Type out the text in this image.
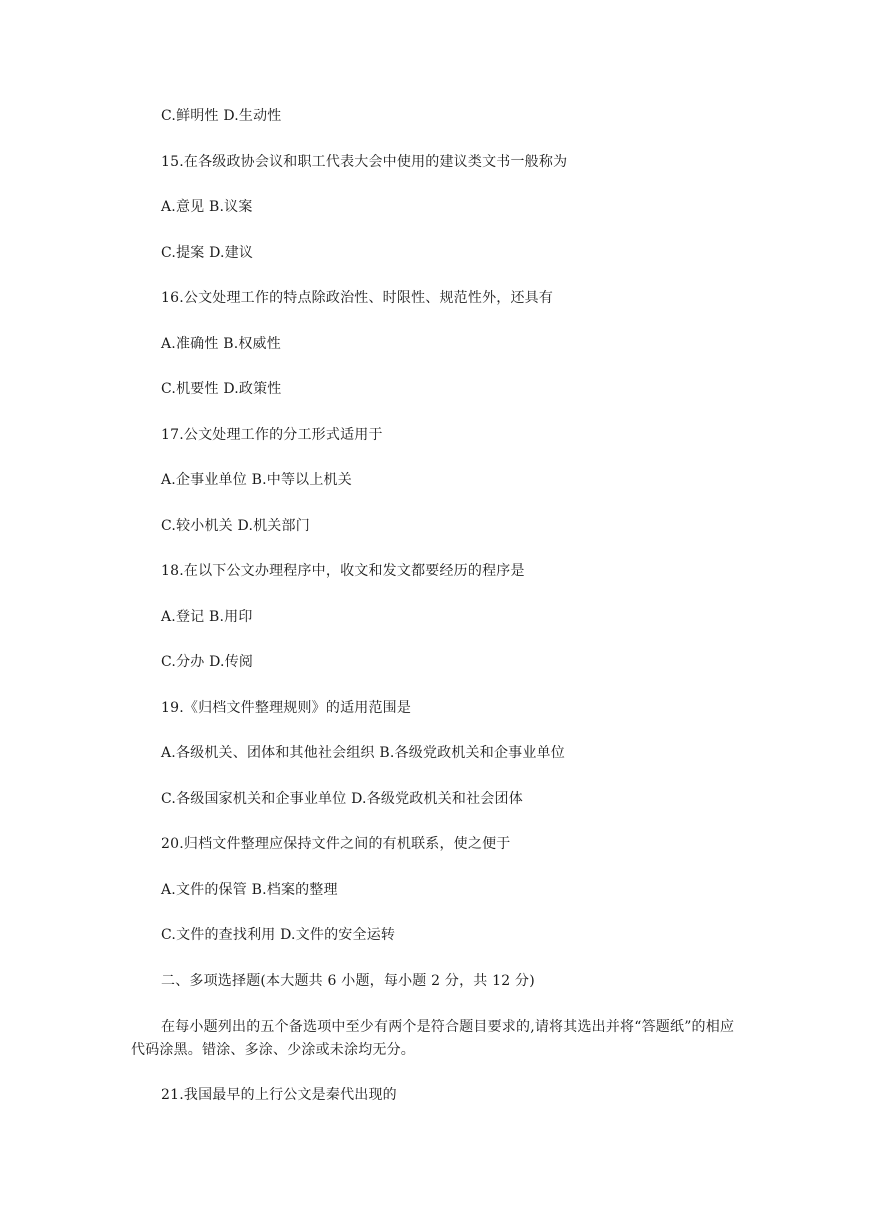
C.鲜明性 D.生动性
15.在各级政协会议和职工代表大会中使用的建议类文书一般称为
A.意见 B.议案
C.提案 D.建议
16.公文处理工作的特点除政治性、时限性、规范性外，还具有
A.准确性 B.权威性
C.机要性 D.政策性
17.公文处理工作的分工形式适用于
A.企事业单位 B.中等以上机关
C.较小机关 D.机关部门
18.在以下公文办理程序中，收文和发文都要经历的程序是
A.登记 B.用印
C.分办 D.传阅
19.《归档文件整理规则》的适用范围是
A.各级机关、团体和其他社会组织 B.各级党政机关和企事业单位
C.各级国家机关和企事业单位 D.各级党政机关和社会团体
20.归档文件整理应保持文件之间的有机联系，使之便于
A.文件的保管 B.档案的整理
C.文件的查找利用 D.文件的安全运转
二、多项选择题(本大题共 6 小题，每小题 2 分，共 12 分)
在每小题列出的五个备选项中至少有两个是符合题目要求的,请将其选出并将“答题纸”的相应代码涂黑。错涂、多涂、少涂或未涂均无分。
21.我国最早的上行公文是秦代出现的
